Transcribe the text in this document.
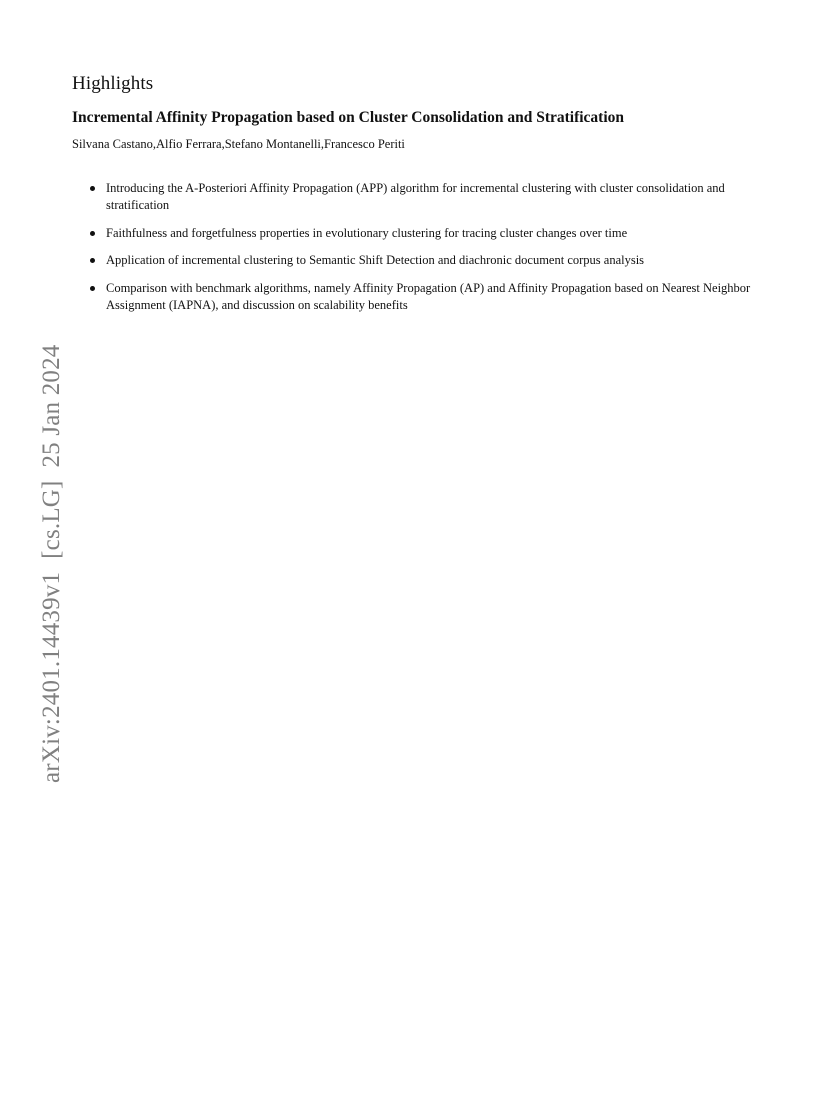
Highlights
Incremental Affinity Propagation based on Cluster Consolidation and Stratification

Silvana Castano,Alfio Ferrara,Stefano Montanelli,Francesco Periti

Introducing the A-Posteriori Affinity Propagation (APP) algorithm for incremental clustering with cluster consolidation and stratification
Faithfulness and forgetfulness properties in evolutionary clustering for tracing cluster changes over time
Application of incremental clustering to Semantic Shift Detection and diachronic document corpus analysis
Comparison with benchmark algorithms, namely Affinity Propagation (AP) and Affinity Propagation based on Nearest Neighbor Assignment (IAPNA), and discussion on scalability benefits
arXiv:2401.14439v1  [cs.LG]  25 Jan 2024
